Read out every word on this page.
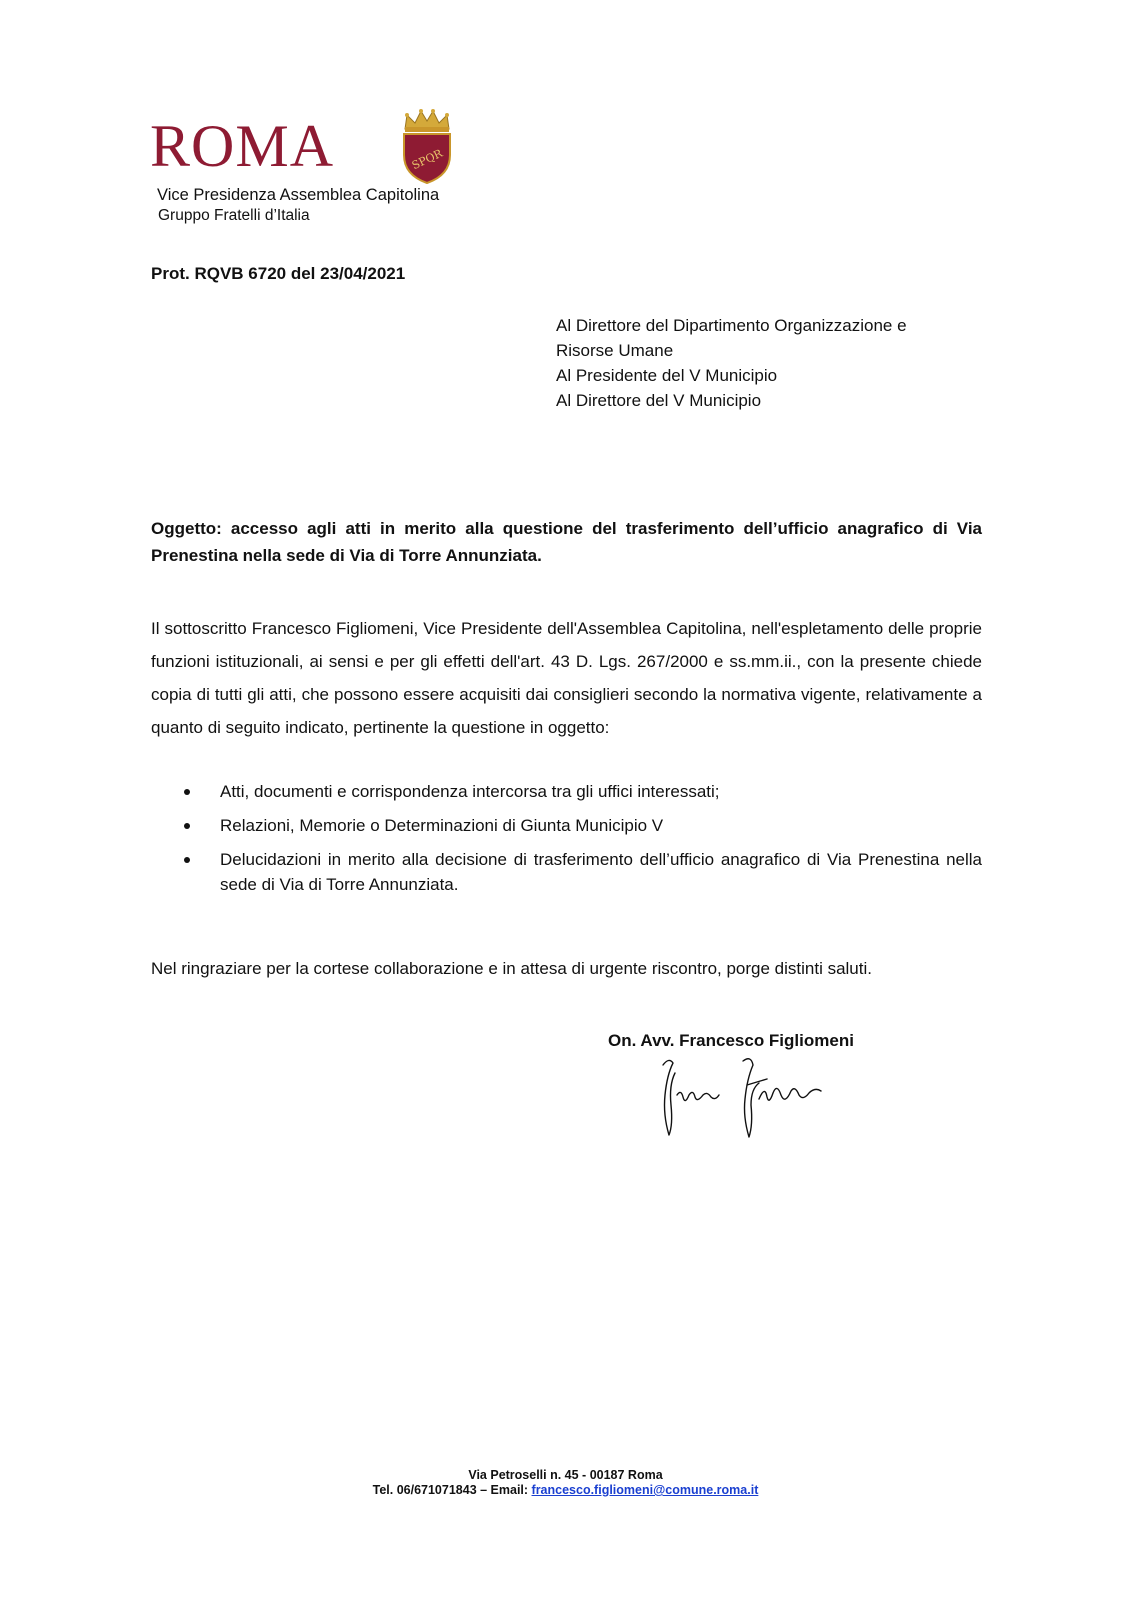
ROMA	SPQR
Vice Presidenza Assemblea Capitolina
Gruppo Fratelli d’Italia
Prot. RQVB 6720 del 23/04/2021
Al Direttore del Dipartimento Organizzazione e
Risorse Umane
Al Presidente del V Municipio
Al Direttore del V Municipio
Oggetto: accesso agli atti in merito alla questione del trasferimento dell’ufficio anagrafico di Via Prenestina nella sede di Via di Torre Annunziata.
Il sottoscritto Francesco Figliomeni, Vice Presidente dell'Assemblea Capitolina, nell'espletamento delle proprie funzioni istituzionali, ai sensi e per gli effetti dell'art. 43 D. Lgs. 267/2000 e ss.mm.ii., con la presente chiede copia di tutti gli atti, che possono essere acquisiti dai consiglieri secondo la normativa vigente, relativamente a quanto di seguito indicato, pertinente la questione in oggetto:
Atti, documenti e corrispondenza intercorsa tra gli uffici interessati;
Relazioni, Memorie o Determinazioni di Giunta Municipio V
Delucidazioni in merito alla decisione di trasferimento dell’ufficio anagrafico di Via Prenestina nella sede di Via di Torre Annunziata.
Nel ringraziare per la cortese collaborazione e in attesa di urgente riscontro, porge distinti saluti.
On. Avv. Francesco Figliomeni
Via Petroselli n. 45 - 00187 Roma
Tel. 06/671071843 – Email: francesco.figliomeni@comune.roma.it
